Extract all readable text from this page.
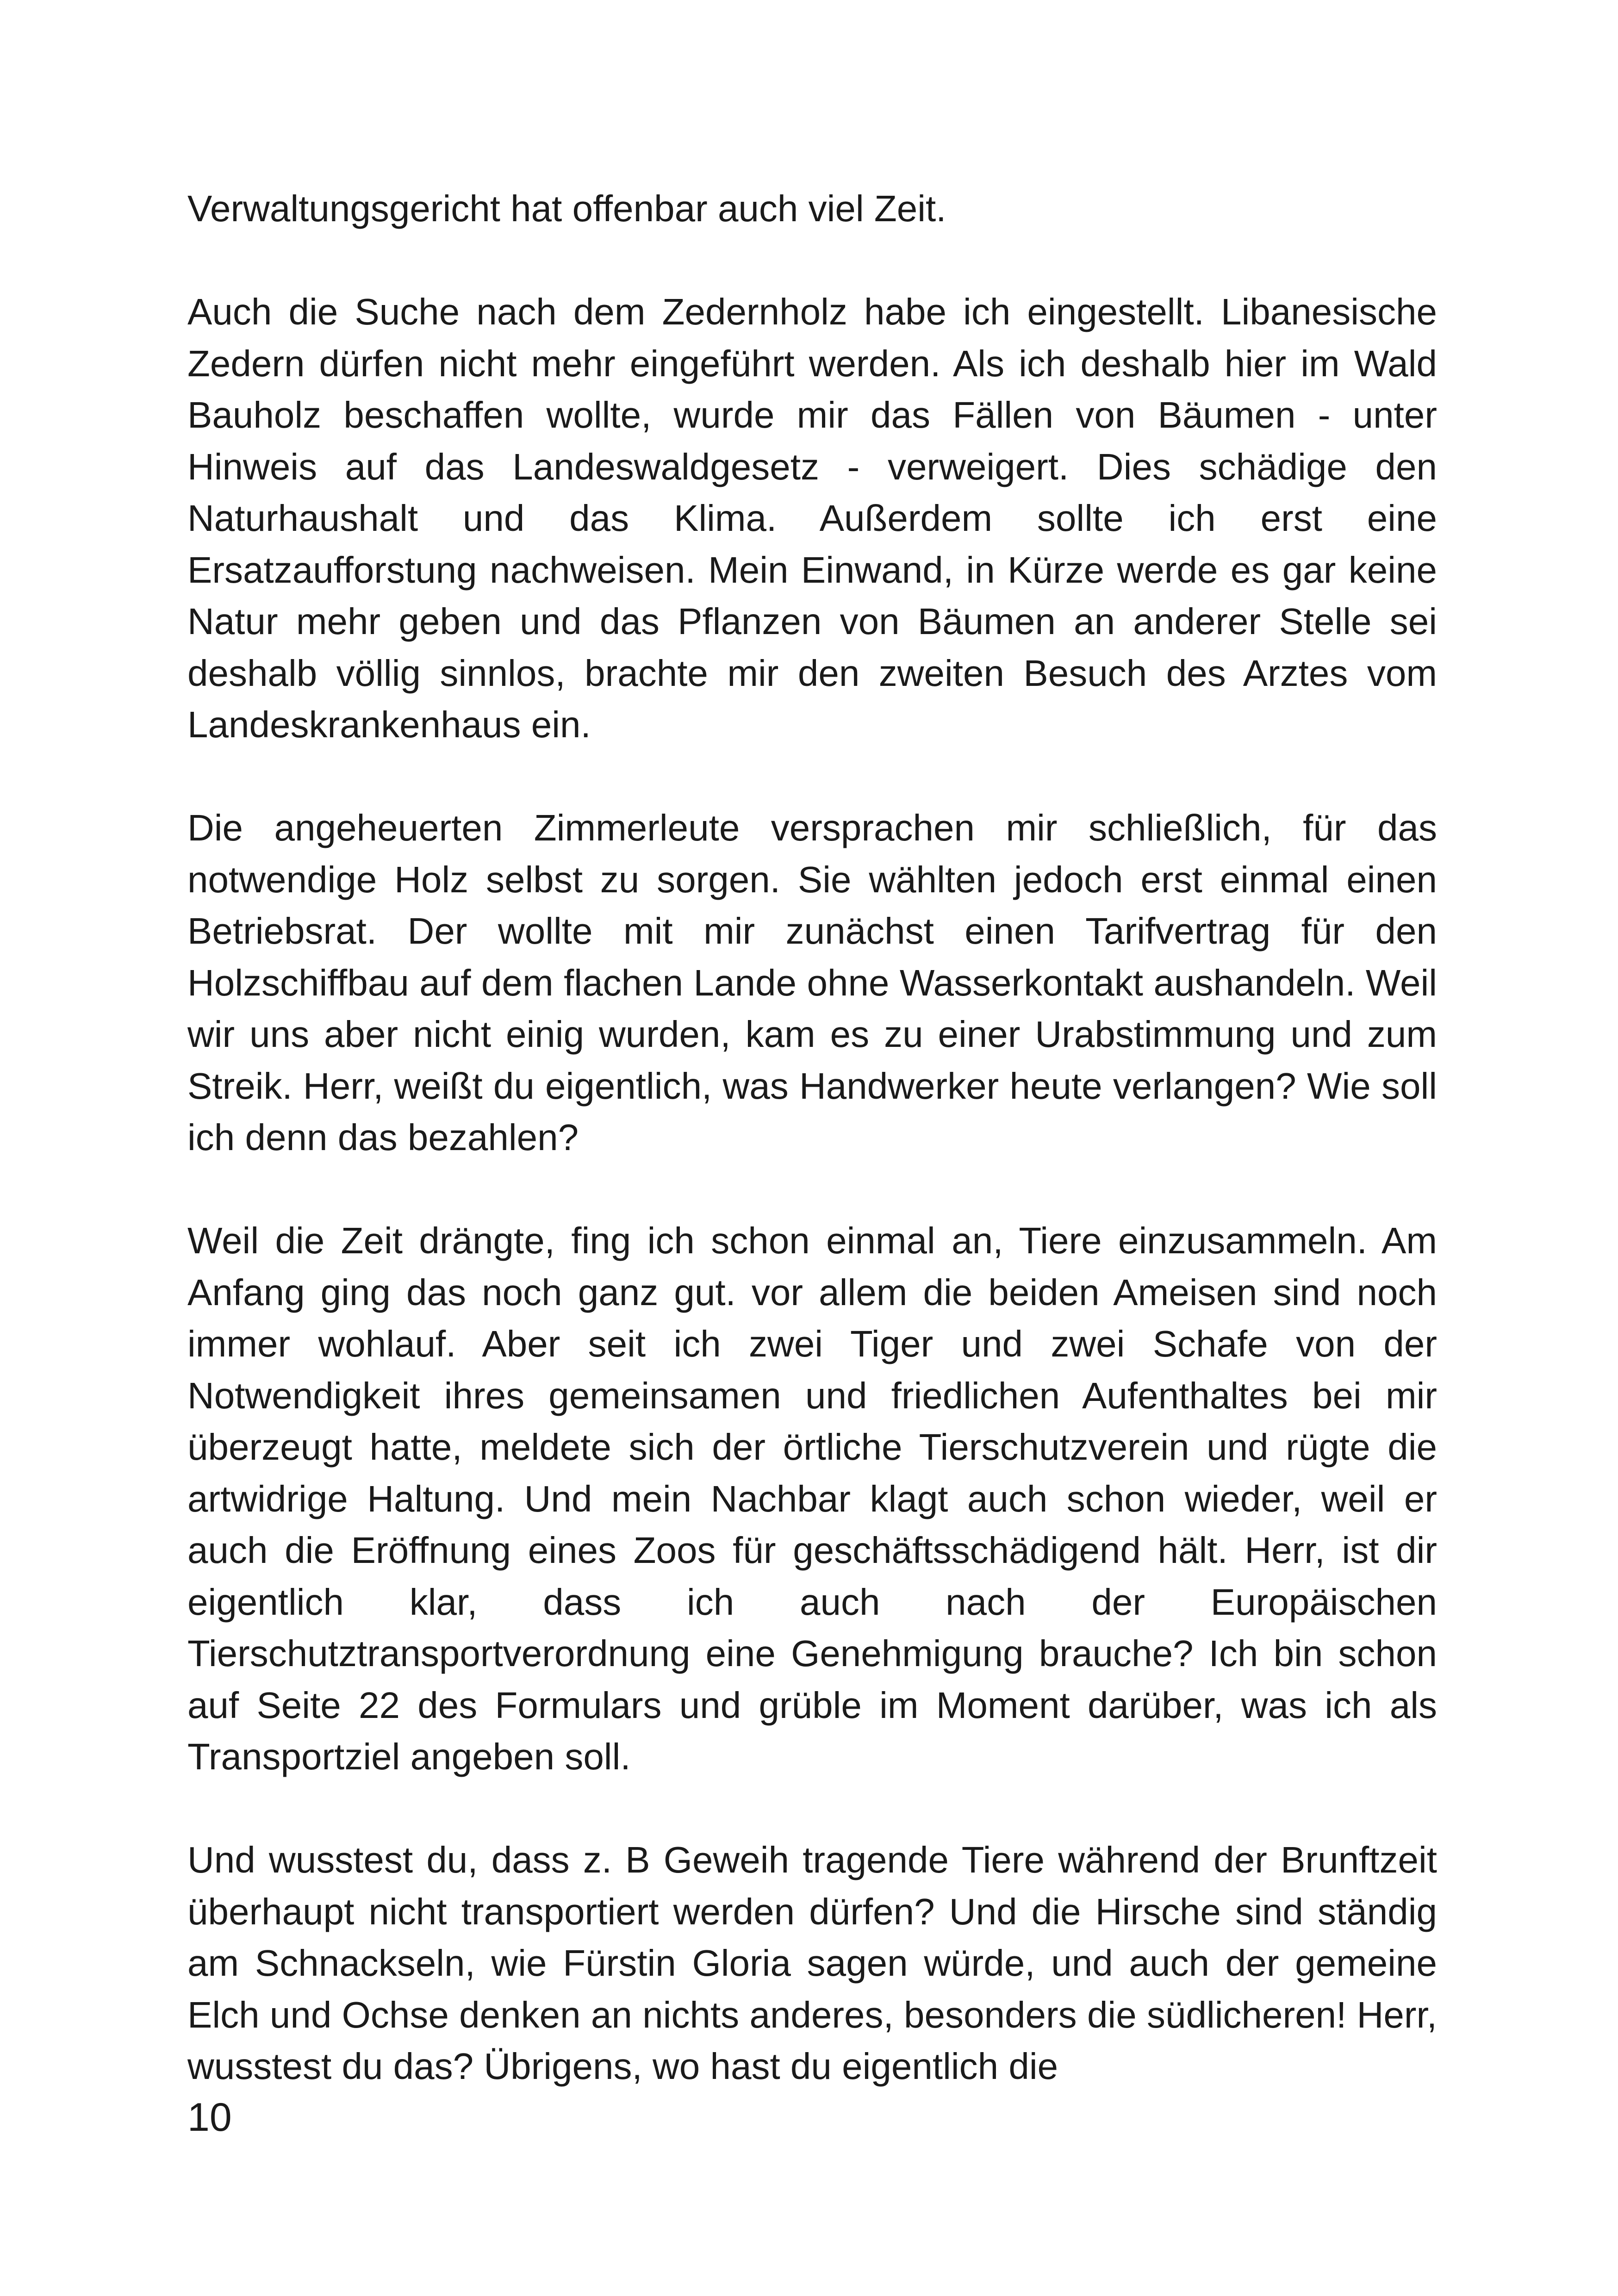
Verwaltungsgericht hat offenbar auch viel Zeit.

Auch die Suche nach dem Zedernholz habe ich eingestellt. Libanesische Zedern dürfen nicht mehr eingeführt werden. Als ich deshalb hier im Wald Bauholz beschaffen wollte, wurde mir das Fällen von Bäumen - unter Hinweis auf das Landeswaldgesetz - verweigert. Dies schädige den Naturhaushalt und das Klima. Außerdem sollte ich erst eine Ersatzaufforstung nachweisen. Mein Einwand, in Kürze werde es gar keine Natur mehr geben und das Pflanzen von Bäumen an anderer Stelle sei deshalb völlig sinnlos, brachte mir den zweiten Besuch des Arztes vom Landeskrankenhaus ein.

Die angeheuerten Zimmerleute versprachen mir schließlich, für das notwendige Holz selbst zu sorgen. Sie wählten jedoch erst einmal einen Betriebsrat. Der wollte mit mir zunächst einen Tarifvertrag für den Holzschiffbau auf dem flachen Lande ohne Wasserkontakt aushandeln. Weil wir uns aber nicht einig wurden, kam es zu einer Urabstimmung und zum Streik. Herr, weißt du eigentlich, was Handwerker heute verlangen? Wie soll ich denn das bezahlen?

Weil die Zeit drängte, fing ich schon einmal an, Tiere einzusammeln. Am Anfang ging das noch ganz gut. vor allem die beiden Ameisen sind noch immer wohlauf. Aber seit ich zwei Tiger und zwei Schafe von der Notwendigkeit ihres gemeinsamen und friedlichen Aufenthaltes bei mir überzeugt hatte, meldete sich der örtliche Tierschutzverein und rügte die artwidrige Haltung. Und mein Nachbar klagt auch schon wieder, weil er auch die Eröffnung eines Zoos für geschäftsschädigend hält. Herr, ist dir eigentlich klar, dass ich auch nach der Europäischen Tierschutztransportverordnung eine Genehmigung brauche? Ich bin schon auf Seite 22 des Formulars und grüble im Moment darüber, was ich als Transportziel angeben soll.

Und wusstest du, dass z. B Geweih tragende Tiere während der Brunftzeit überhaupt nicht transportiert werden dürfen? Und die Hirsche sind ständig am Schnackseln, wie Fürstin Gloria sagen würde, und auch der gemeine Elch und Ochse denken an nichts anderes, besonders die südlicheren! Herr, wusstest du das? Übrigens, wo hast du eigentlich die

10
